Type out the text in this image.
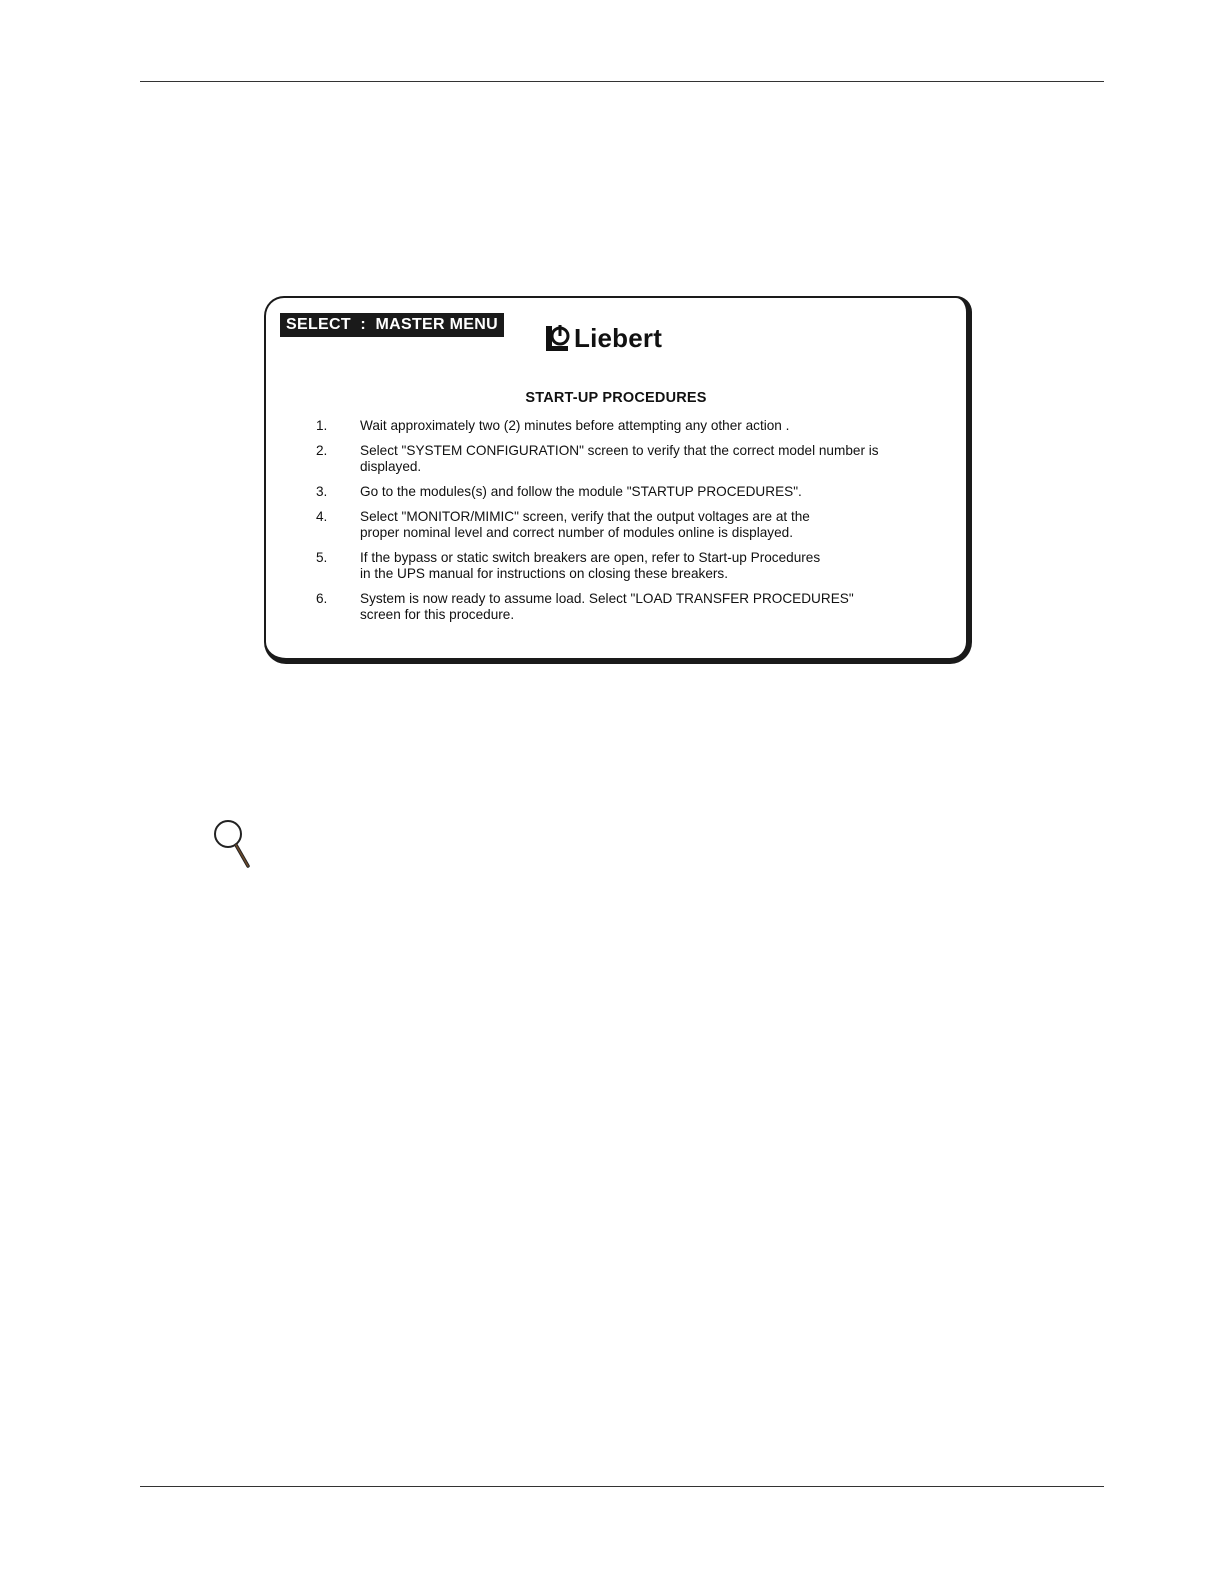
SELECT  :  MASTER MENU	Liebert
START-UP PROCEDURES
1.	Wait approximately two (2) minutes before attempting any other action .
2.	Select "SYSTEM CONFIGURATION" screen to verify that the correct model number is
displayed.
3.	Go to the modules(s) and follow the module "STARTUP PROCEDURES".
4.	Select "MONITOR/MIMIC" screen, verify that the output voltages are at the
proper nominal level and correct number of modules online is displayed.
5.	If the bypass or static switch breakers are open, refer to Start-up Procedures
in the UPS manual for instructions on closing these breakers.
6.	System is now ready to assume load. Select "LOAD TRANSFER PROCEDURES"
screen for this procedure.
